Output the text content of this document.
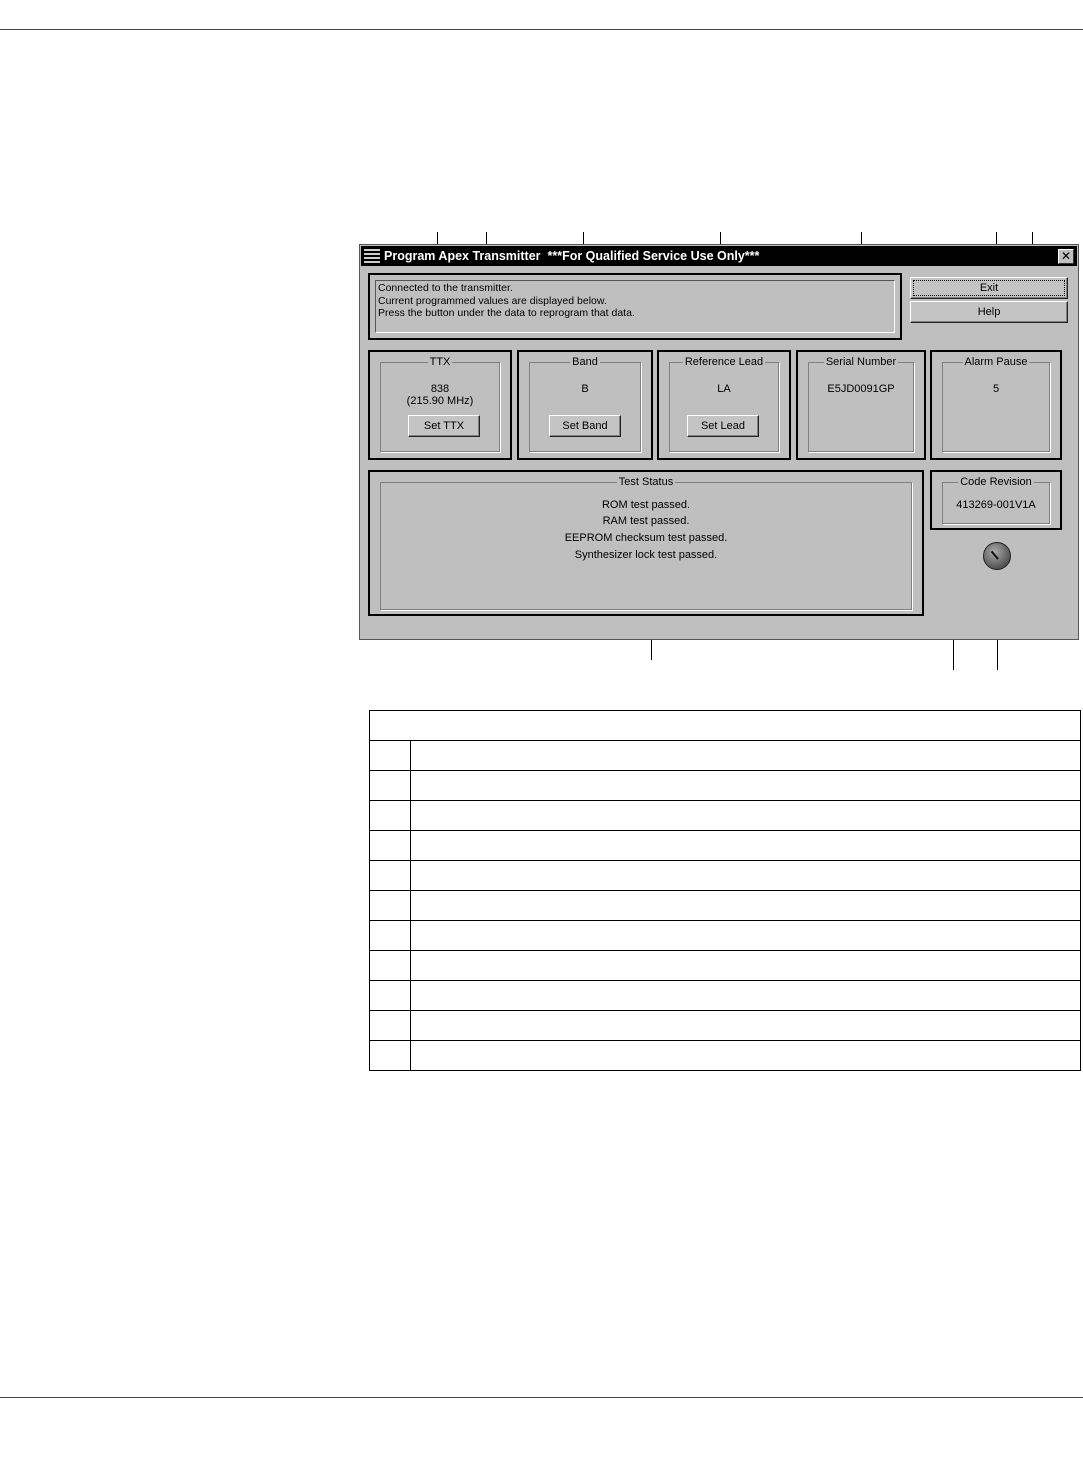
Program Apex Transmitter  ***For Qualified Service Use Only***	✕
Connected to the transmitter.
Current programmed values are displayed below.
Press the button under the data to reprogram that data.
Exit
Help
TTX
838
(215.90 MHz)
Set TTX
Band
B
Set Band
Reference Lead
LA
Set Lead
Serial Number
E5JD0091GP
Alarm Pause
5
Test Status
ROM test passed.
RAM test passed.
EEPROM checksum test passed.
Synthesizer lock test passed.
Code Revision
413269-001V1A
